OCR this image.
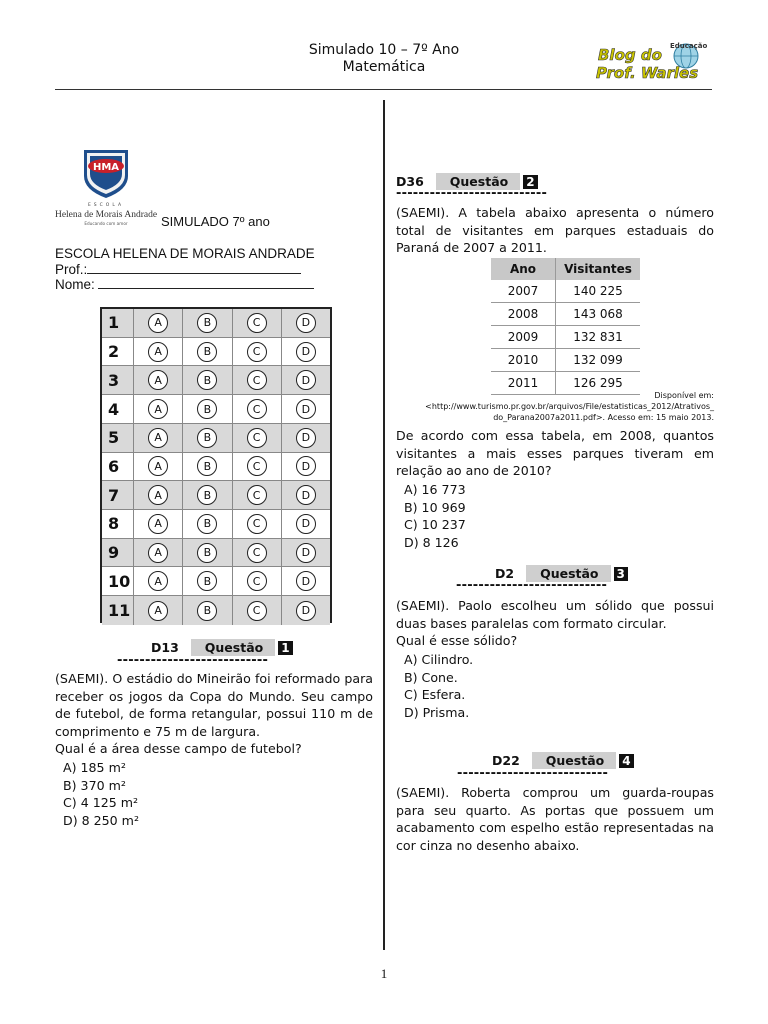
Simulado 10 – 7º Ano
Matemática
Blog do
Prof. Warles
Educação
HMA
ESCOLA
Helena de Morais Andrade
Educando com amor	SIMULADO 7º ano
ESCOLA HELENA DE MORAIS ANDRADE
Prof.:
Nome:
1	A	B	C	D
2	A	B	C	D
3	A	B	C	D
4	A	B	C	D
5	A	B	C	D
6	A	B	C	D
7	A	B	C	D
8	A	B	C	D
9	A	B	C	D
10	A	B	C	D
11	A	B	C	D
D13	Questão	1
---------------------------
(SAEMI). O estádio do Mineirão foi reformado para receber os jogos da Copa do Mundo. Seu campo de futebol, de forma retangular, possui 110 m de comprimento e 75 m de largura.
Qual é a área desse campo de futebol?
A) 185 m²
B) 370 m²
C) 4 125 m²
D) 8 250 m²
D36	Questão	2
---------------------------
(SAEMI). A tabela abaixo apresenta o número total de visitantes em parques estaduais do Paraná de 2007 a 2011.
Ano	Visitantes
2007	140 225
2008	143 068
2009	132 831
2010	132 099
2011	126 295
Disponível em:
<http://www.turismo.pr.gov.br/arquivos/File/estatisticas_2012/Atrativos_
do_Parana2007a2011.pdf>. Acesso em: 15 maio 2013.
De acordo com essa tabela, em 2008, quantos visitantes a mais esses parques tiveram em relação ao ano de 2010?
A) 16 773
B) 10 969
C) 10 237
D) 8 126
D2	Questão	3
---------------------------
(SAEMI). Paolo escolheu um sólido que possui duas bases paralelas com formato circular.
Qual é esse sólido?
A) Cilindro.
B) Cone.
C) Esfera.
D) Prisma.
D22	Questão	4
---------------------------
(SAEMI). Roberta comprou um guarda-roupas para seu quarto. As portas que possuem um acabamento com espelho estão representadas na cor cinza no desenho abaixo.
1
